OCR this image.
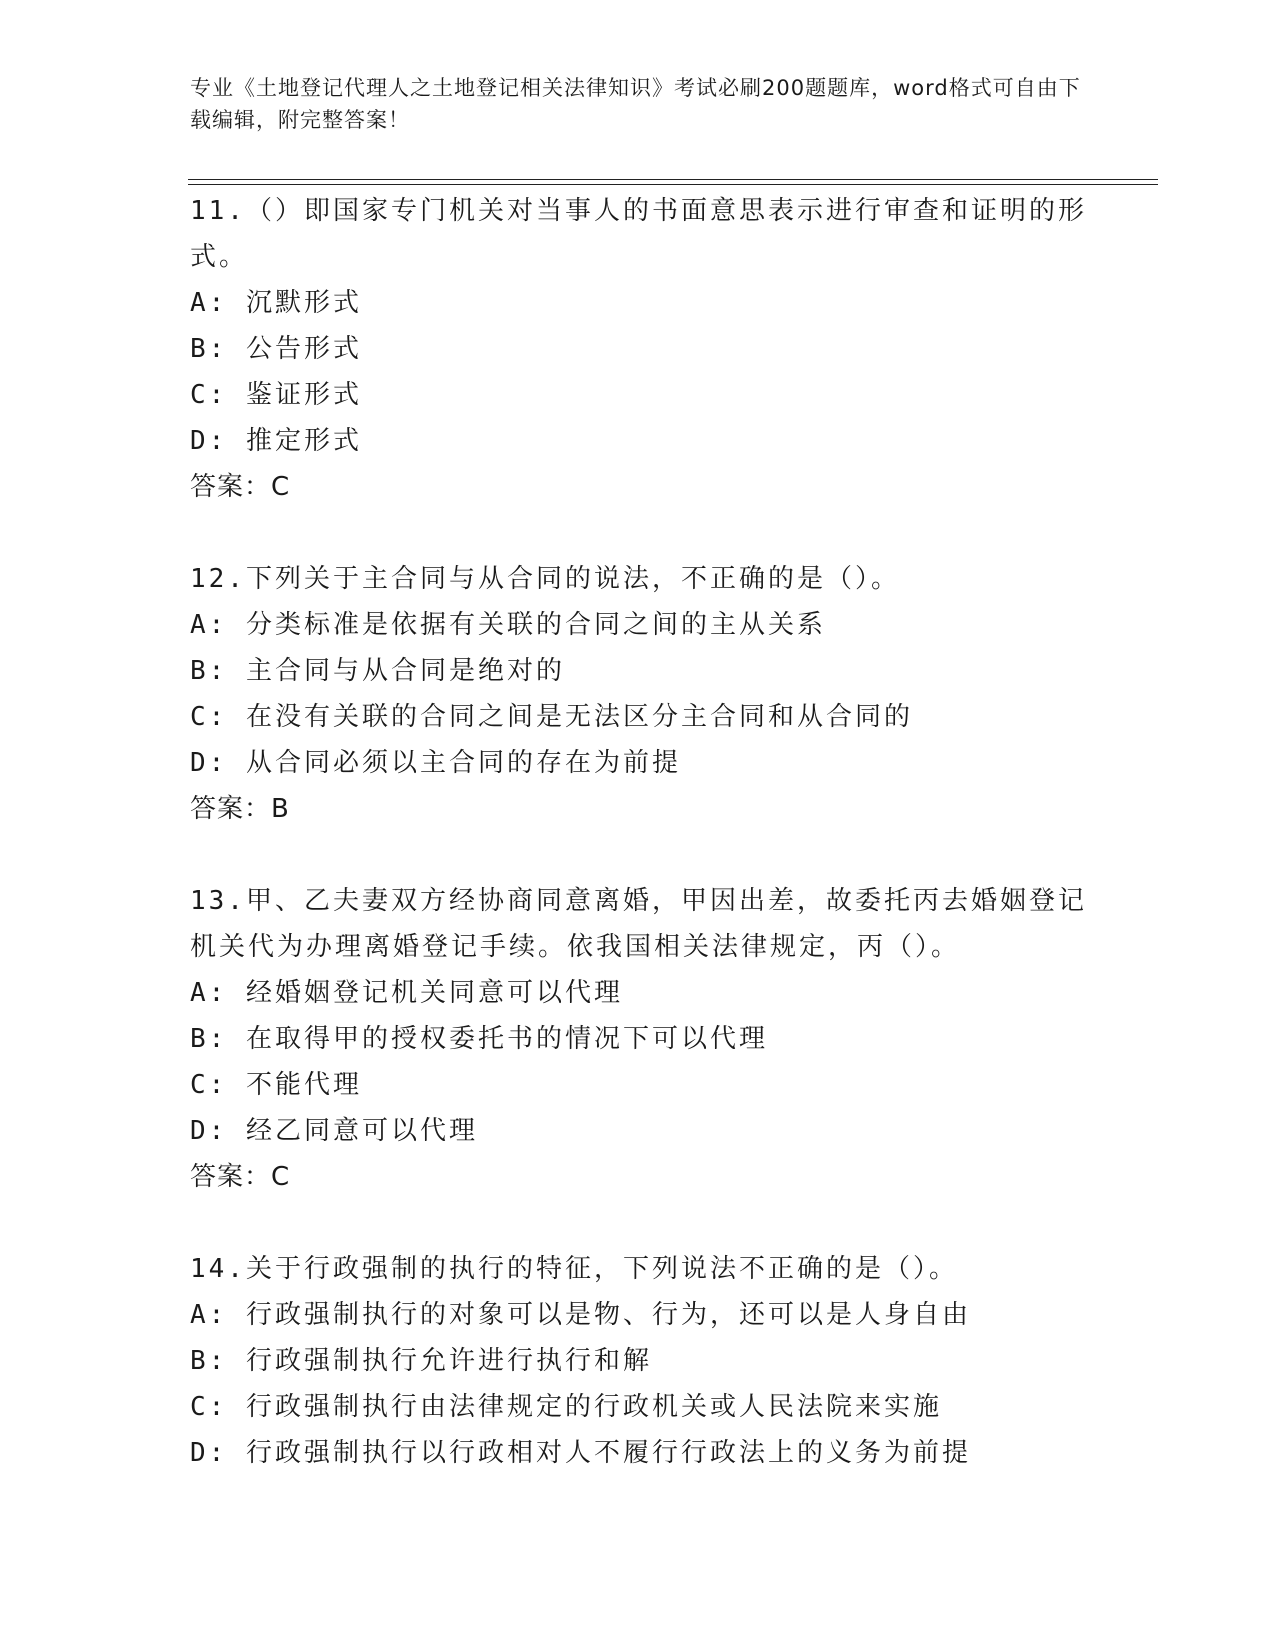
专业《土地登记代理人之土地登记相关法律知识》考试必刷200题题库，word格式可自由下载编辑，附完整答案！
11.（）即国家专门机关对当事人的书面意思表示进行审查和证明的形式。
A: 沉默形式
B: 公告形式
C: 鉴证形式
D: 推定形式
答案：C
12.下列关于主合同与从合同的说法，不正确的是（）。
A: 分类标准是依据有关联的合同之间的主从关系
B: 主合同与从合同是绝对的
C: 在没有关联的合同之间是无法区分主合同和从合同的
D: 从合同必须以主合同的存在为前提
答案：B
13.甲、乙夫妻双方经协商同意离婚，甲因出差，故委托丙去婚姻登记机关代为办理离婚登记手续。依我国相关法律规定，丙（）。
A: 经婚姻登记机关同意可以代理
B: 在取得甲的授权委托书的情况下可以代理
C: 不能代理
D: 经乙同意可以代理
答案：C
14.关于行政强制的执行的特征，下列说法不正确的是（）。
A: 行政强制执行的对象可以是物、行为，还可以是人身自由
B: 行政强制执行允许进行执行和解
C: 行政强制执行由法律规定的行政机关或人民法院来实施
D: 行政强制执行以行政相对人不履行行政法上的义务为前提
